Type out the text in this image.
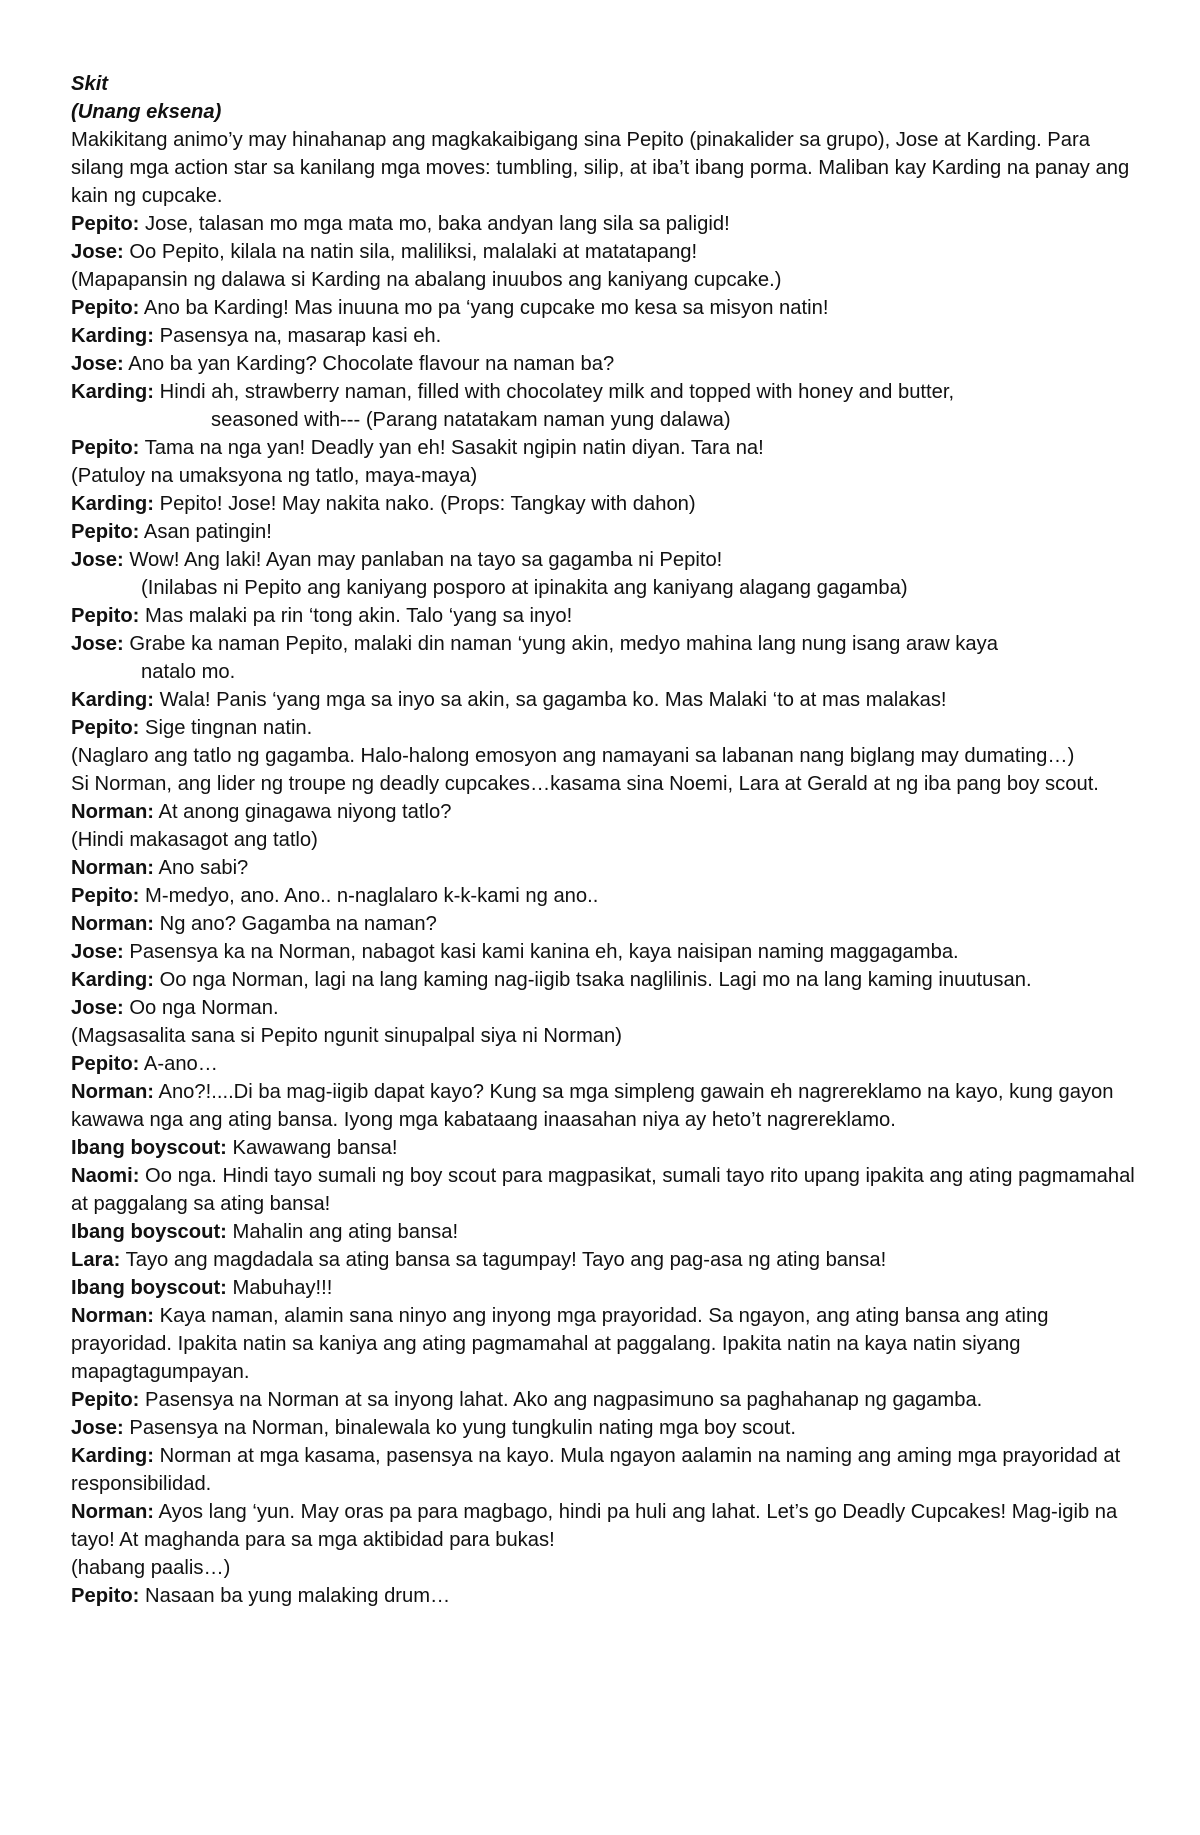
Skit
(Unang eksena)
Makikitang animo’y may hinahanap ang magkakaibigang sina Pepito (pinakalider sa grupo), Jose at Karding. Para silang mga action star sa kanilang mga moves: tumbling, silip, at iba’t ibang porma. Maliban kay Karding na panay ang kain ng cupcake.
Pepito: Jose, talasan mo mga mata mo, baka andyan lang sila sa paligid!
Jose: Oo Pepito, kilala na natin sila, maliliksi, malalaki at matatapang!
(Mapapansin ng dalawa si Karding na abalang inuubos ang kaniyang cupcake.)
Pepito: Ano ba Karding! Mas inuuna mo pa ‘yang cupcake mo kesa sa misyon natin!
Karding: Pasensya na, masarap kasi eh.
Jose: Ano ba yan Karding? Chocolate flavour na naman ba?
Karding: Hindi ah, strawberry naman, filled with chocolatey milk and topped with honey and butter,
seasoned with--- (Parang natatakam naman yung dalawa)
Pepito: Tama na nga yan! Deadly yan eh! Sasakit ngipin natin diyan. Tara na!
(Patuloy na umaksyona ng tatlo, maya-maya)
Karding: Pepito! Jose! May nakita nako. (Props: Tangkay with dahon)
Pepito: Asan patingin!
Jose: Wow! Ang laki! Ayan may panlaban na tayo sa gagamba ni Pepito!
(Inilabas ni Pepito ang kaniyang posporo at ipinakita ang kaniyang alagang gagamba)
Pepito: Mas malaki pa rin ‘tong akin. Talo ‘yang sa inyo!
Jose: Grabe ka naman Pepito, malaki din naman ‘yung akin, medyo mahina lang nung isang araw kaya
natalo mo.
Karding: Wala! Panis ‘yang mga sa inyo sa akin, sa gagamba ko. Mas Malaki ‘to at mas malakas!
Pepito: Sige tingnan natin.
(Naglaro ang tatlo ng gagamba. Halo-halong emosyon ang namayani sa labanan nang biglang may dumating…)
Si Norman, ang lider ng troupe ng deadly cupcakes…kasama sina Noemi, Lara at Gerald at ng iba pang boy scout.
Norman: At anong ginagawa niyong tatlo?
(Hindi makasagot ang tatlo)
Norman: Ano sabi?
Pepito: M-medyo, ano. Ano.. n-naglalaro k-k-kami ng ano..
Norman: Ng ano? Gagamba na naman?
Jose: Pasensya ka na Norman, nabagot kasi kami kanina eh, kaya naisipan naming maggagamba.
Karding: Oo nga Norman, lagi na lang kaming nag-iigib tsaka naglilinis. Lagi mo na lang kaming inuutusan.
Jose: Oo nga Norman.
(Magsasalita sana si Pepito ngunit sinupalpal siya ni Norman)
Pepito: A-ano…
Norman: Ano?!....Di ba mag-iigib dapat kayo? Kung sa mga simpleng gawain eh nagrereklamo na kayo, kung gayon kawawa nga ang ating bansa. Iyong mga kabataang inaasahan niya ay heto’t nagrereklamo.
Ibang boyscout: Kawawang bansa!
Naomi: Oo nga. Hindi tayo sumali ng boy scout para magpasikat, sumali tayo rito upang ipakita ang ating pagmamahal at paggalang sa ating bansa!
Ibang boyscout: Mahalin ang ating bansa!
Lara: Tayo ang magdadala sa ating bansa sa tagumpay! Tayo ang pag-asa ng ating bansa!
Ibang boyscout: Mabuhay!!!
Norman: Kaya naman, alamin sana ninyo ang inyong mga prayoridad. Sa ngayon, ang ating bansa ang ating prayoridad. Ipakita natin sa kaniya ang ating pagmamahal at paggalang. Ipakita natin na kaya natin siyang mapagtagumpayan.
Pepito: Pasensya na Norman at sa inyong lahat. Ako ang nagpasimuno sa paghahanap ng gagamba.
Jose: Pasensya na Norman, binalewala ko yung tungkulin nating mga boy scout.
Karding: Norman at mga kasama, pasensya na kayo. Mula ngayon aalamin na naming ang aming mga prayoridad at responsibilidad.
Norman: Ayos lang ‘yun. May oras pa para magbago, hindi pa huli ang lahat. Let’s go Deadly Cupcakes! Mag-igib na tayo! At maghanda para sa mga aktibidad para bukas!
(habang paalis…)
Pepito: Nasaan ba yung malaking drum…
